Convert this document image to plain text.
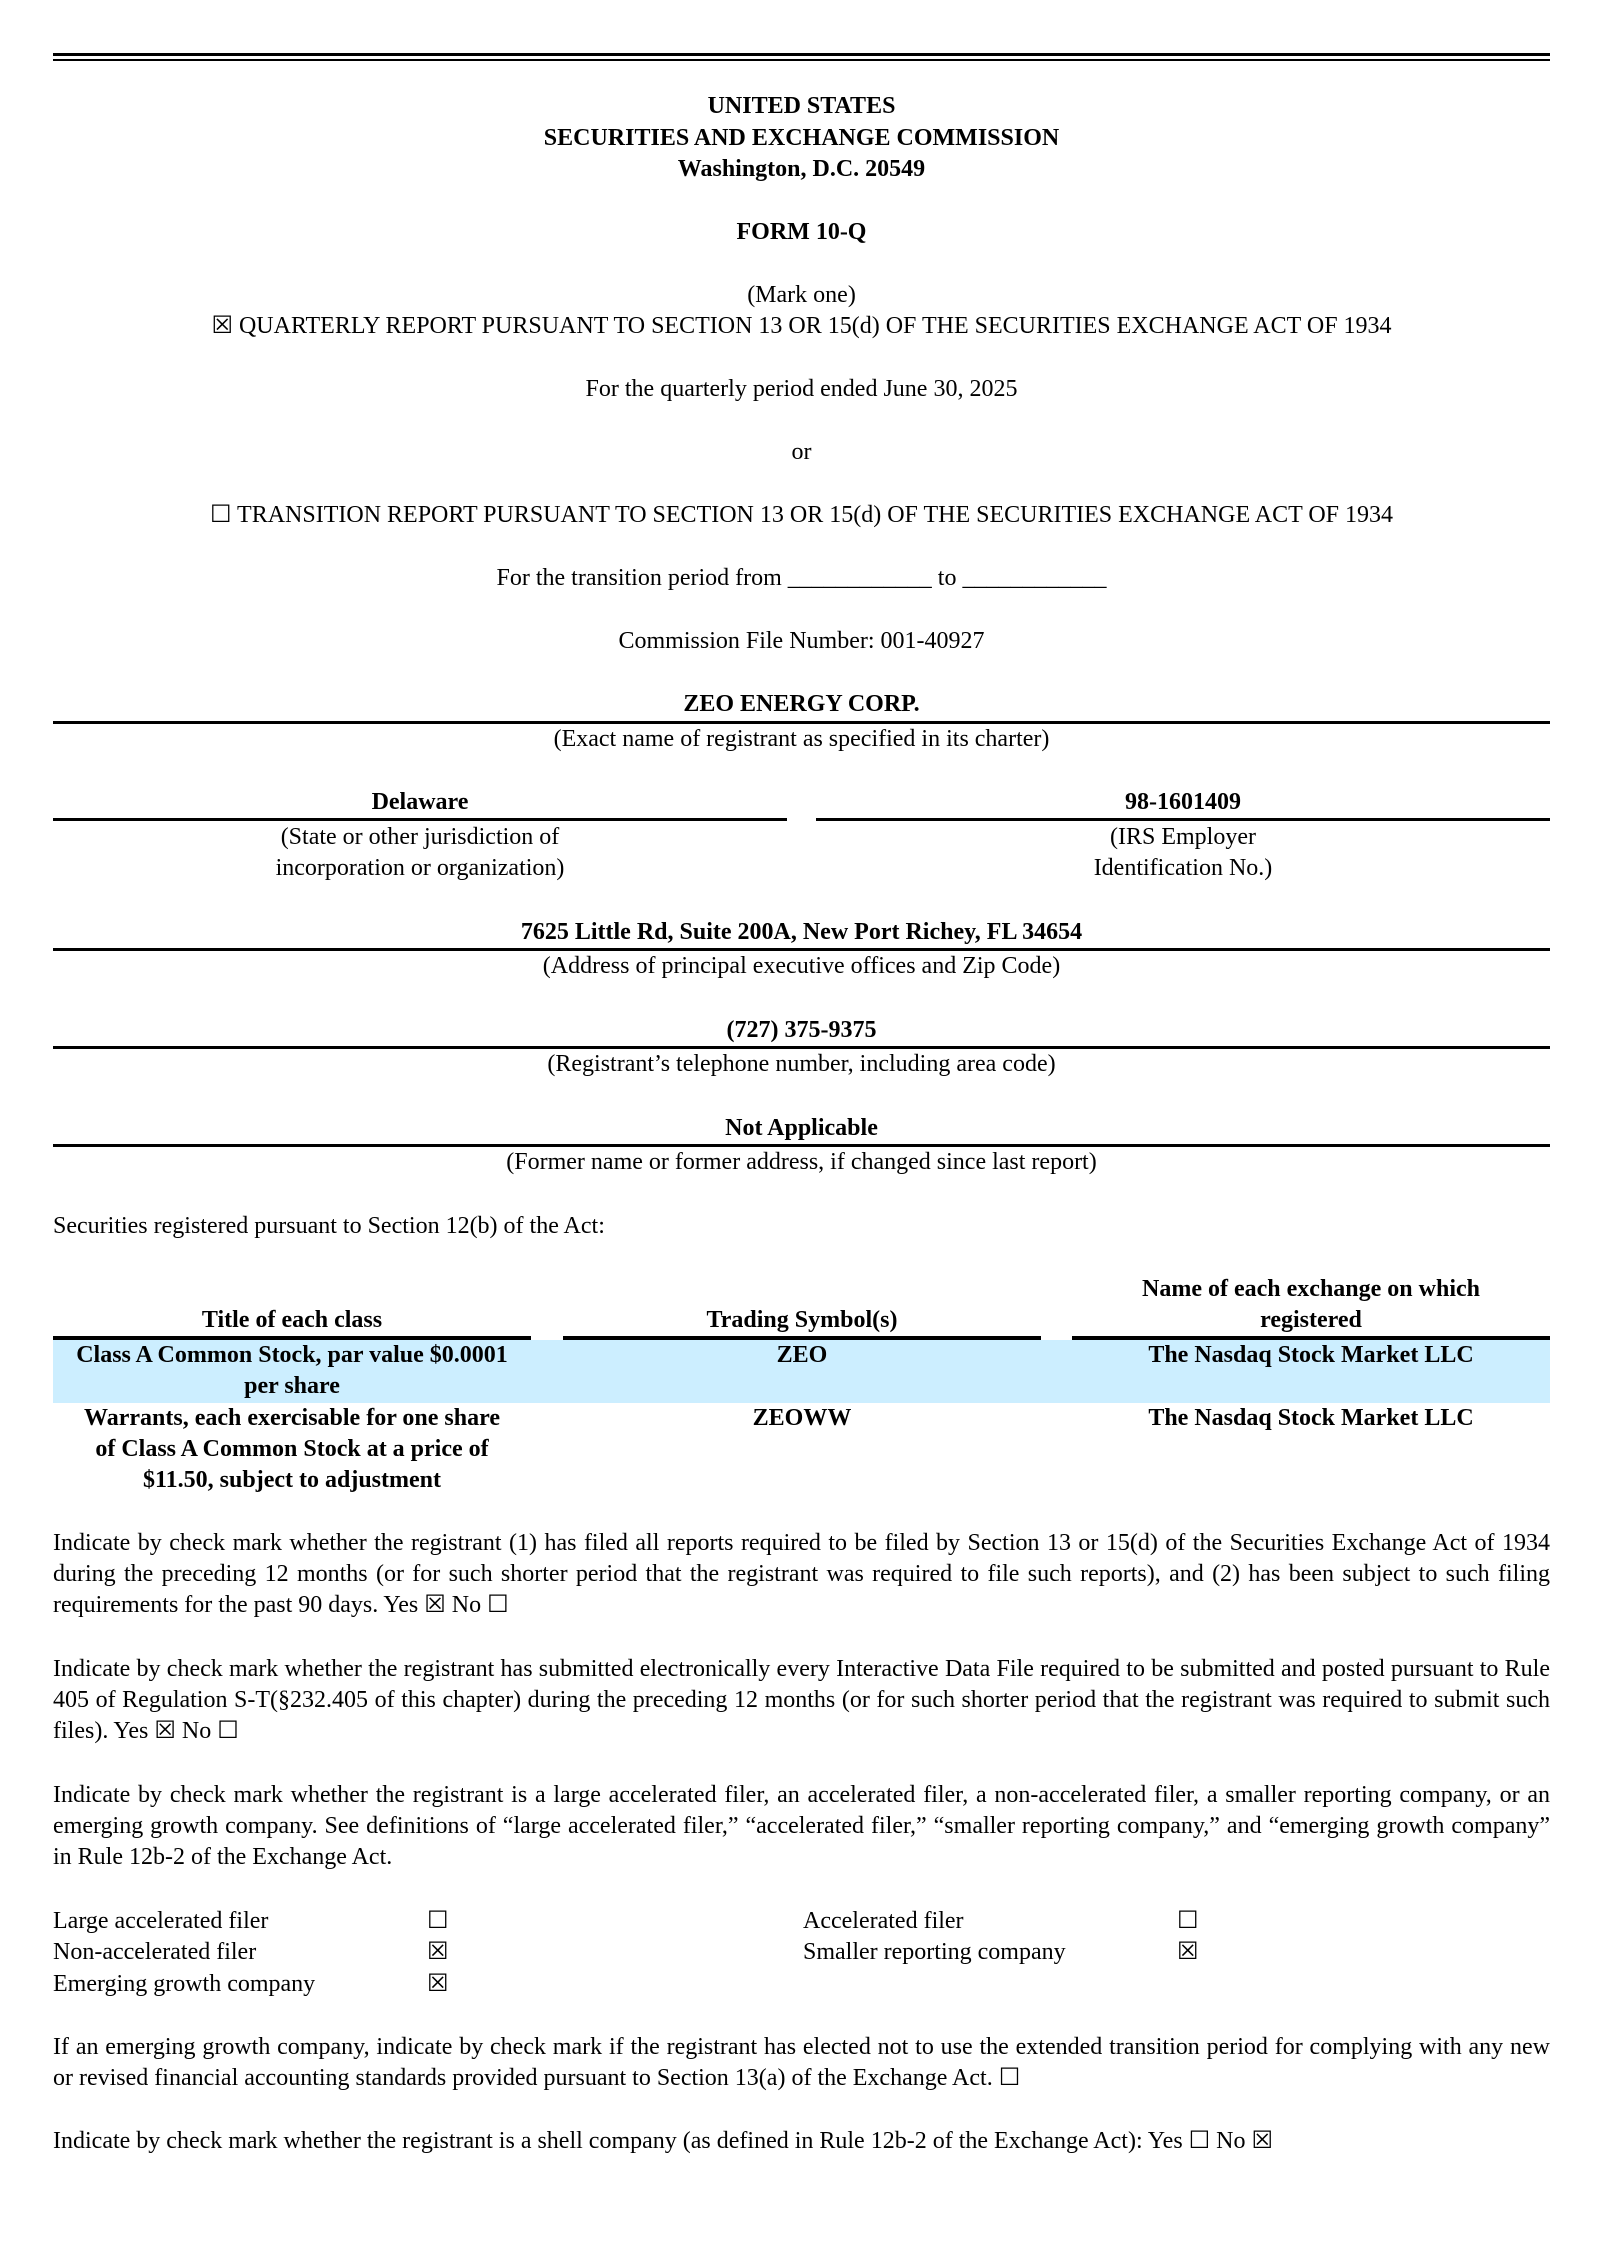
UNITED STATES
SECURITIES AND EXCHANGE COMMISSION
Washington, D.C. 20549
FORM 10-Q
(Mark one)
☒ QUARTERLY REPORT PURSUANT TO SECTION 13 OR 15(d) OF THE SECURITIES EXCHANGE ACT OF 1934
For the quarterly period ended June 30, 2025
or
☐ TRANSITION REPORT PURSUANT TO SECTION 13 OR 15(d) OF THE SECURITIES EXCHANGE ACT OF 1934
For the transition period from ____________ to ____________
Commission File Number: 001-40927
ZEO ENERGY CORP.
(Exact name of registrant as specified in its charter)
Delaware
(State or other jurisdiction of
incorporation or organization)
98-1601409
(IRS Employer
Identification No.)
7625 Little Rd, Suite 200A, New Port Richey, FL 34654
(Address of principal executive offices and Zip Code)
(727) 375-9375
(Registrant’s telephone number, including area code)
Not Applicable
(Former name or former address, if changed since last report)
Securities registered pursuant to Section 12(b) of the Act:
Title of each class	Trading Symbol(s)
Name of each exchange on which
registered
Class A Common Stock, par value $0.0001
per share
ZEO	The Nasdaq Stock Market LLC
Warrants, each exercisable for one share
of Class A Common Stock at a price of
$11.50, subject to adjustment
ZEOWW	The Nasdaq Stock Market LLC
Indicate by check mark whether the registrant (1) has filed all reports required to be filed by Section 13 or 15(d) of the Securities Exchange Act of 1934 during the preceding 12 months (or for such shorter period that the registrant was required to file such reports), and (2) has been subject to such filing requirements for the past 90 days. Yes ☒ No ☐
Indicate by check mark whether the registrant has submitted electronically every Interactive Data File required to be submitted and posted pursuant to Rule 405 of Regulation S-T(§232.405 of this chapter) during the preceding 12 months (or for such shorter period that the registrant was required to submit such files). Yes ☒ No ☐
Indicate by check mark whether the registrant is a large accelerated filer, an accelerated filer, a non-accelerated filer, a smaller reporting company, or an emerging growth company. See definitions of “large accelerated filer,” “accelerated filer,” “smaller reporting company,” and “emerging growth company” in Rule 12b-2 of the Exchange Act.
Large accelerated filer	☐
Non-accelerated filer	☒
Emerging growth company	☒
Accelerated filer	☐
Smaller reporting company	☒
If an emerging growth company, indicate by check mark if the registrant has elected not to use the extended transition period for complying with any new or revised financial accounting standards provided pursuant to Section 13(a) of the Exchange Act. ☐
Indicate by check mark whether the registrant is a shell company (as defined in Rule 12b-2 of the Exchange Act): Yes ☐ No ☒
